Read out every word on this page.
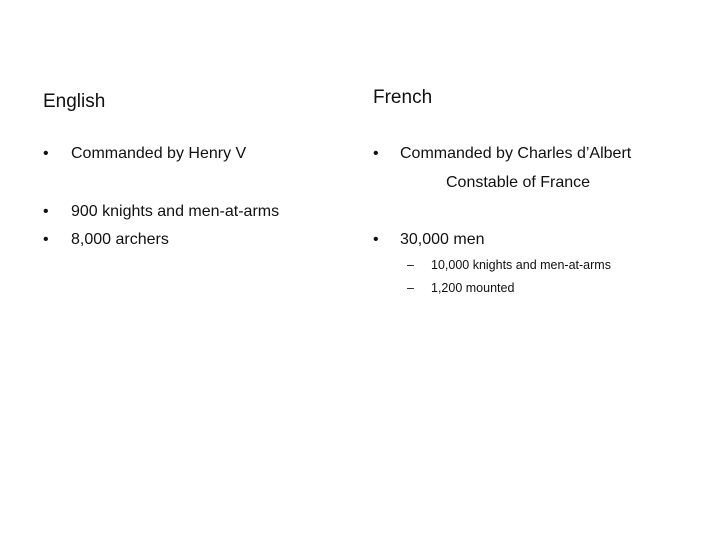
English
• Commanded by Henry V
• 900 knights and men-at-arms
• 8,000 archers
French
• Commanded by Charles d’Albert
Constable of France
• 30,000 men
– 10,000 knights and men-at-arms
– 1,200 mounted
